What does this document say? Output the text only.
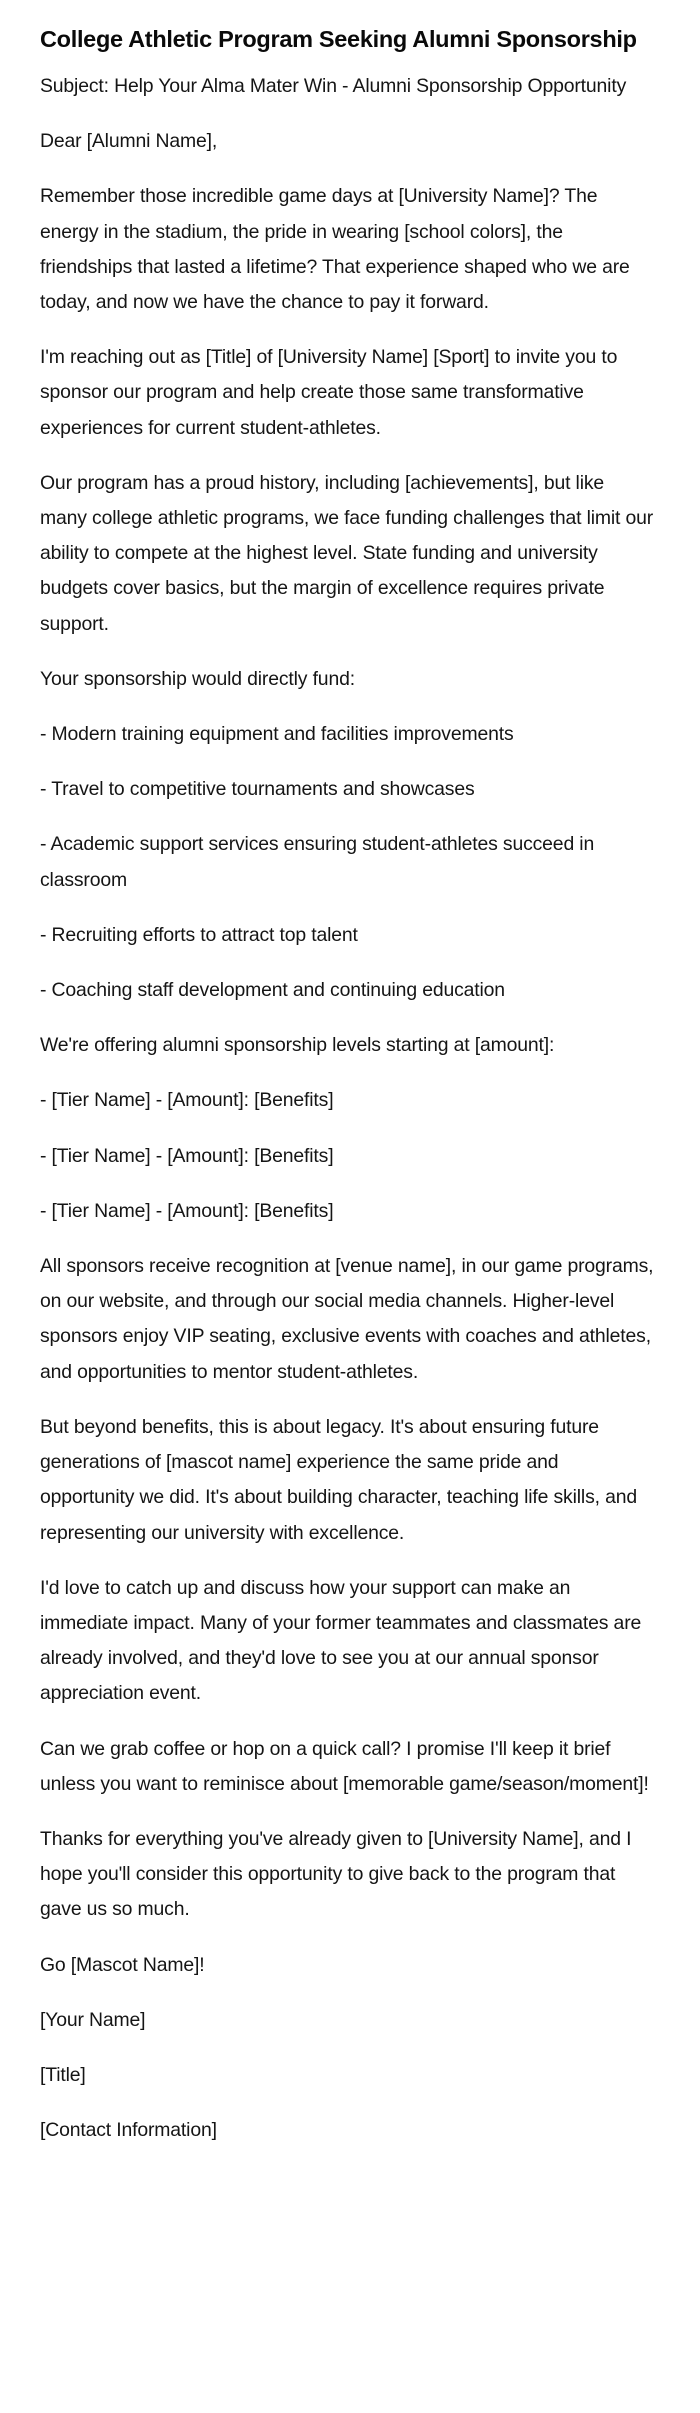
College Athletic Program Seeking Alumni Sponsorship

Subject: Help Your Alma Mater Win - Alumni Sponsorship Opportunity

Dear [Alumni Name],

Remember those incredible game days at [University Name]? The energy in the stadium, the pride in wearing [school colors], the friendships that lasted a lifetime? That experience shaped who we are today, and now we have the chance to pay it forward.

I'm reaching out as [Title] of [University Name] [Sport] to invite you to sponsor our program and help create those same transformative experiences for current student-athletes.

Our program has a proud history, including [achievements], but like many college athletic programs, we face funding challenges that limit our ability to compete at the highest level. State funding and university budgets cover basics, but the margin of excellence requires private support.

Your sponsorship would directly fund:

- Modern training equipment and facilities improvements

- Travel to competitive tournaments and showcases

- Academic support services ensuring student-athletes succeed in classroom

- Recruiting efforts to attract top talent

- Coaching staff development and continuing education

We're offering alumni sponsorship levels starting at [amount]:

- [Tier Name] - [Amount]: [Benefits]

- [Tier Name] - [Amount]: [Benefits]

- [Tier Name] - [Amount]: [Benefits]

All sponsors receive recognition at [venue name], in our game programs, on our website, and through our social media channels. Higher-level sponsors enjoy VIP seating, exclusive events with coaches and athletes, and opportunities to mentor student-athletes.

But beyond benefits, this is about legacy. It's about ensuring future generations of [mascot name] experience the same pride and opportunity we did. It's about building character, teaching life skills, and representing our university with excellence.

I'd love to catch up and discuss how your support can make an immediate impact. Many of your former teammates and classmates are already involved, and they'd love to see you at our annual sponsor appreciation event.

Can we grab coffee or hop on a quick call? I promise I'll keep it brief unless you want to reminisce about [memorable game/season/moment]!

Thanks for everything you've already given to [University Name], and I hope you'll consider this opportunity to give back to the program that gave us so much.

Go [Mascot Name]!

[Your Name]

[Title]

[Contact Information]
